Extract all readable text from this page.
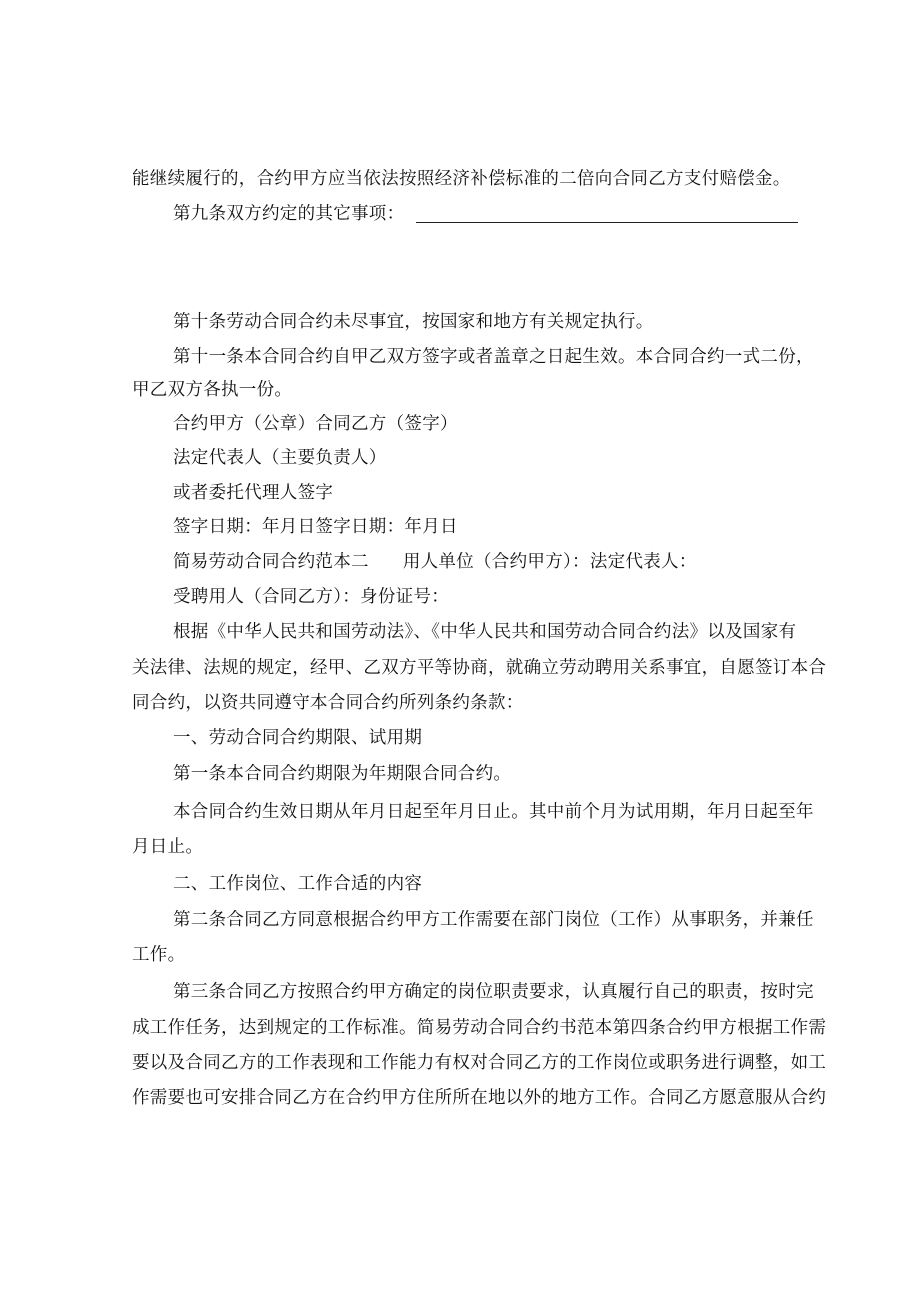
能继续履行的，合约甲方应当依法按照经济补偿标准的二倍向合同乙方支付赔偿金。

第九条双方约定的其它事项：

第十条劳动合同合约未尽事宜，按国家和地方有关规定执行。

第十一条本合同合约自甲乙双方签字或者盖章之日起生效。本合同合约一式二份，

甲乙双方各执一份。

合约甲方（公章）合同乙方（签字）

法定代表人（主要负责人）

或者委托代理人签字

签字日期：年月日签字日期：年月日

简易劳动合同合约范本二 用人单位（合约甲方）：法定代表人：

受聘用人（合同乙方）：身份证号：

根据《中华人民共和国劳动法》、《中华人民共和国劳动合同合约法》以及国家有

关法律、法规的规定，经甲、乙双方平等协商，就确立劳动聘用关系事宜，自愿签订本合

同合约，以资共同遵守本合同合约所列条约条款：

一、劳动合同合约期限、试用期

第一条本合同合约期限为年期限合同合约。

本合同合约生效日期从年月日起至年月日止。其中前个月为试用期，年月日起至年

月日止。

二、工作岗位、工作合适的内容

第二条合同乙方同意根据合约甲方工作需要在部门岗位（工作）从事职务，并兼任

工作。

第三条合同乙方按照合约甲方确定的岗位职责要求，认真履行自己的职责，按时完

成工作任务，达到规定的工作标准。简易劳动合同合约书范本第四条合约甲方根据工作需

要以及合同乙方的工作表现和工作能力有权对合同乙方的工作岗位或职务进行调整，如工

作需要也可安排合同乙方在合约甲方住所所在地以外的地方工作。合同乙方愿意服从合约
